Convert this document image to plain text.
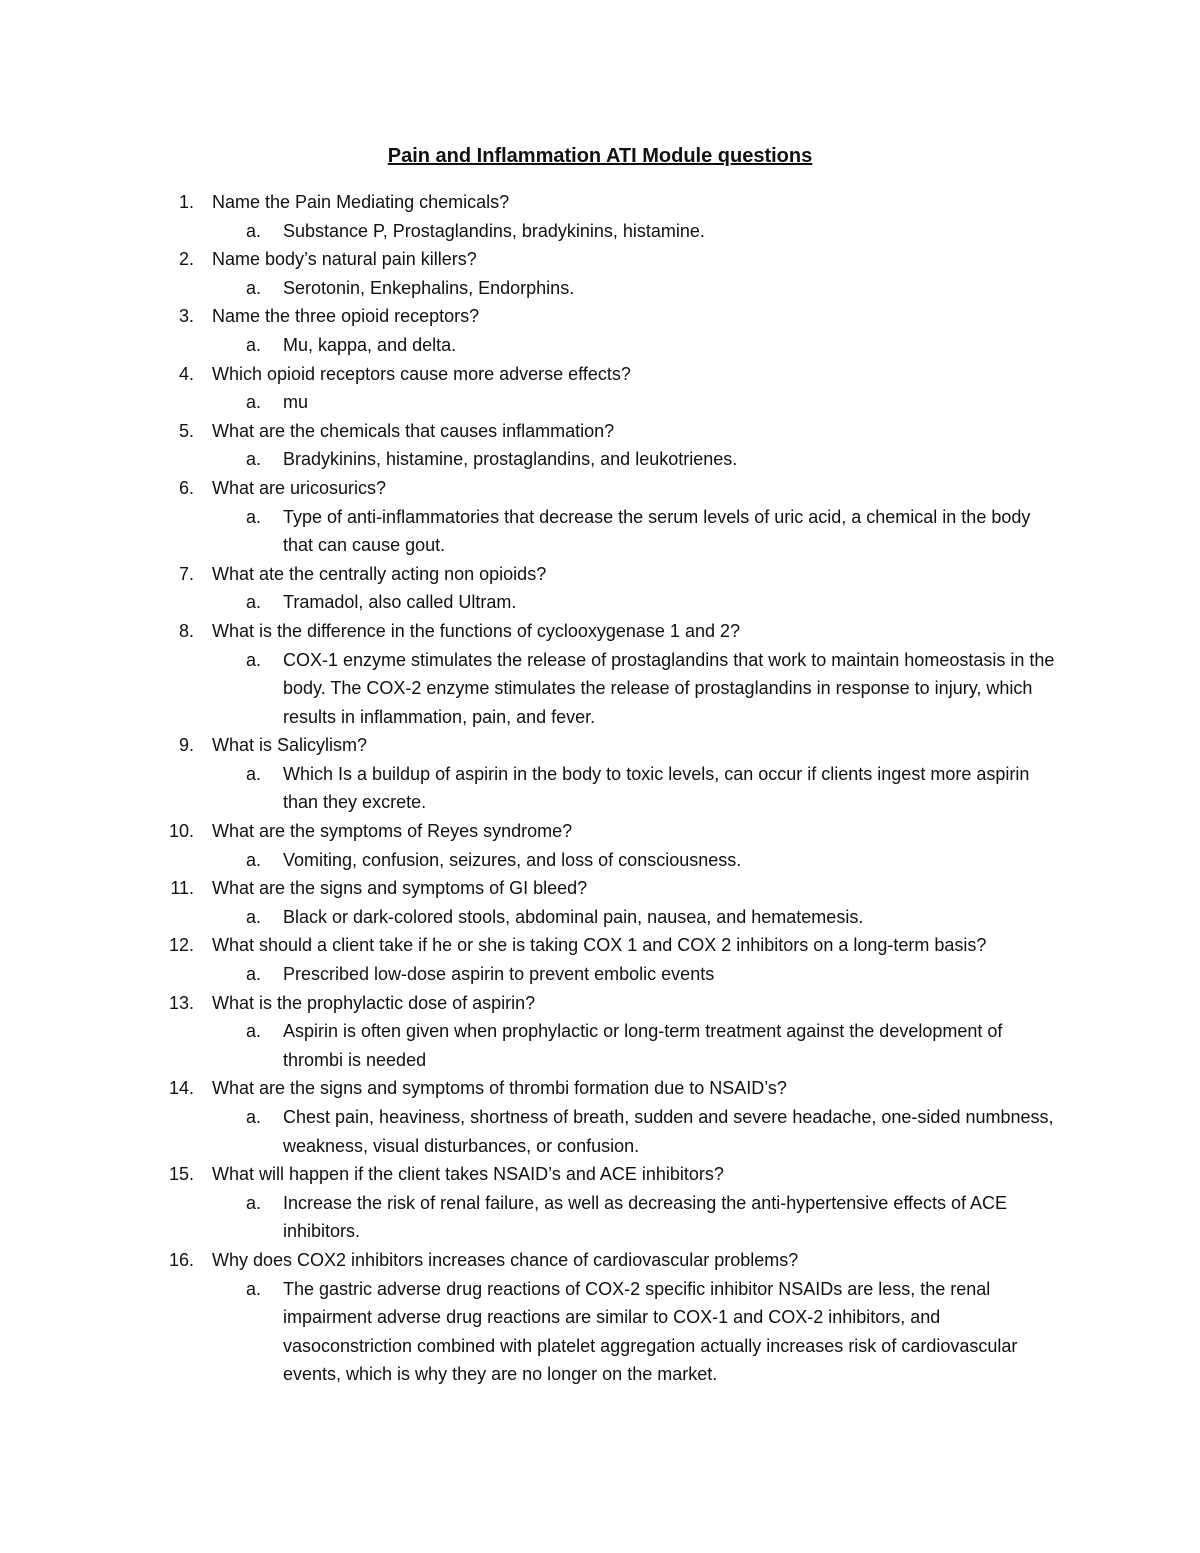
Pain and Inflammation ATI Module questions
1. Name the Pain Mediating chemicals?
a. Substance P, Prostaglandins, bradykinins, histamine.
2. Name body’s natural pain killers?
a. Serotonin, Enkephalins, Endorphins.
3. Name the three opioid receptors?
a. Mu, kappa, and delta.
4. Which opioid receptors cause more adverse effects?
a. mu
5. What are the chemicals that causes inflammation?
a. Bradykinins, histamine, prostaglandins, and leukotrienes.
6. What are uricosurics?
a. Type of anti-inflammatories that decrease the serum levels of uric acid, a chemical in the body that can cause gout.
7. What ate the centrally acting non opioids?
a. Tramadol, also called Ultram.
8. What is the difference in the functions of cyclooxygenase 1 and 2?
a. COX-1 enzyme stimulates the release of prostaglandins that work to maintain homeostasis in the body. The COX-2 enzyme stimulates the release of prostaglandins in response to injury, which results in inflammation, pain, and fever.
9. What is Salicylism?
a. Which Is a buildup of aspirin in the body to toxic levels, can occur if clients ingest more aspirin than they excrete.
10. What are the symptoms of Reyes syndrome?
a. Vomiting, confusion, seizures, and loss of consciousness.
11. What are the signs and symptoms of GI bleed?
a. Black or dark-colored stools, abdominal pain, nausea, and hematemesis.
12. What should a client take if he or she is taking COX 1 and COX 2 inhibitors on a long-term basis?
a. Prescribed low-dose aspirin to prevent embolic events
13. What is the prophylactic dose of aspirin?
a. Aspirin is often given when prophylactic or long-term treatment against the development of thrombi is needed
14. What are the signs and symptoms of thrombi formation due to NSAID’s?
a. Chest pain, heaviness, shortness of breath, sudden and severe headache, one-sided numbness, weakness, visual disturbances, or confusion.
15. What will happen if the client takes NSAID’s and ACE inhibitors?
a. Increase the risk of renal failure, as well as decreasing the anti-hypertensive effects of ACE inhibitors.
16. Why does COX2 inhibitors increases chance of cardiovascular problems?
a. The gastric adverse drug reactions of COX-2 specific inhibitor NSAIDs are less, the renal impairment adverse drug reactions are similar to COX-1 and COX-2 inhibitors, and vasoconstriction combined with platelet aggregation actually increases risk of cardiovascular events, which is why they are no longer on the market.
